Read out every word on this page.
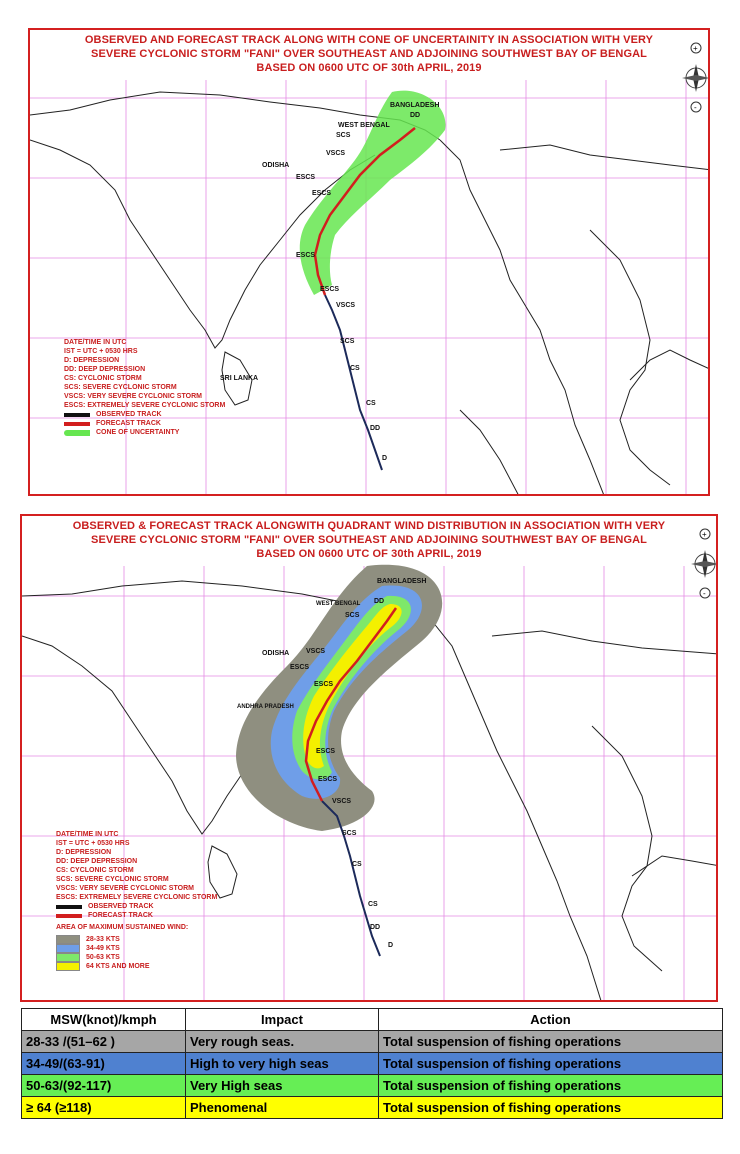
+
-
OBSERVED AND FORECAST TRACK ALONG WITH CONE OF UNCERTAINITY IN ASSOCIATION WITH VERY
SEVERE CYCLONIC STORM "FANI" OVER SOUTHEAST AND ADJOINING SOUTHWEST BAY OF BENGAL
BASED ON 0600 UTC OF 30th APRIL, 2019
BANGLADESH
WEST BENGAL
ODISHA
SRI LANKA
DD
SCS
VSCS
ESCS
ESCS
ESCS
ESCS
VSCS
SCS
CS
CS
DD
D
DATE/TIME IN UTC
IST = UTC + 0530 HRS
D: DEPRESSION
DD: DEEP DEPRESSION
CS: CYCLONIC STORM
SCS: SEVERE CYCLONIC STORM
VSCS: VERY SEVERE CYCLONIC STORM
ESCS: EXTREMELY SEVERE CYCLONIC STORM
OBSERVED TRACK
FORECAST TRACK
CONE OF UNCERTAINTY
+
-
OBSERVED & FORECAST TRACK ALONGWITH QUADRANT WIND DISTRIBUTION IN ASSOCIATION WITH VERY
SEVERE CYCLONIC STORM "FANI" OVER SOUTHEAST AND ADJOINING SOUTHWEST BAY OF BENGAL
BASED ON 0600 UTC OF 30th APRIL, 2019
BANGLADESH
WEST BENGAL
ODISHA
ANDHRA PRADESH
DD
SCS
VSCS
ESCS
ESCS
ESCS
ESCS
VSCS
SCS
CS
CS
DD
D
DATE/TIME IN UTC
IST = UTC + 0530 HRS
D: DEPRESSION
DD: DEEP DEPRESSION
CS: CYCLONIC STORM
SCS: SEVERE CYCLONIC STORM
VSCS: VERY SEVERE CYCLONIC STORM
ESCS: EXTREMELY SEVERE CYCLONIC STORM
OBSERVED TRACK
FORECAST TRACK
AREA OF MAXIMUM SUSTAINED WIND:
28-33 KTS
34-49 KTS
50-63 KTS
64 KTS AND MORE
MSW(knot)/kmph	Impact	Action
28-33 /(51–62 )	Very rough seas.	Total suspension of fishing operations
34-49/(63-91)	High to very high seas	Total suspension of fishing operations
50-63/(92-117)	Very High seas	Total suspension of fishing operations
≥ 64 (≥118)	Phenomenal	Total suspension of fishing operations
